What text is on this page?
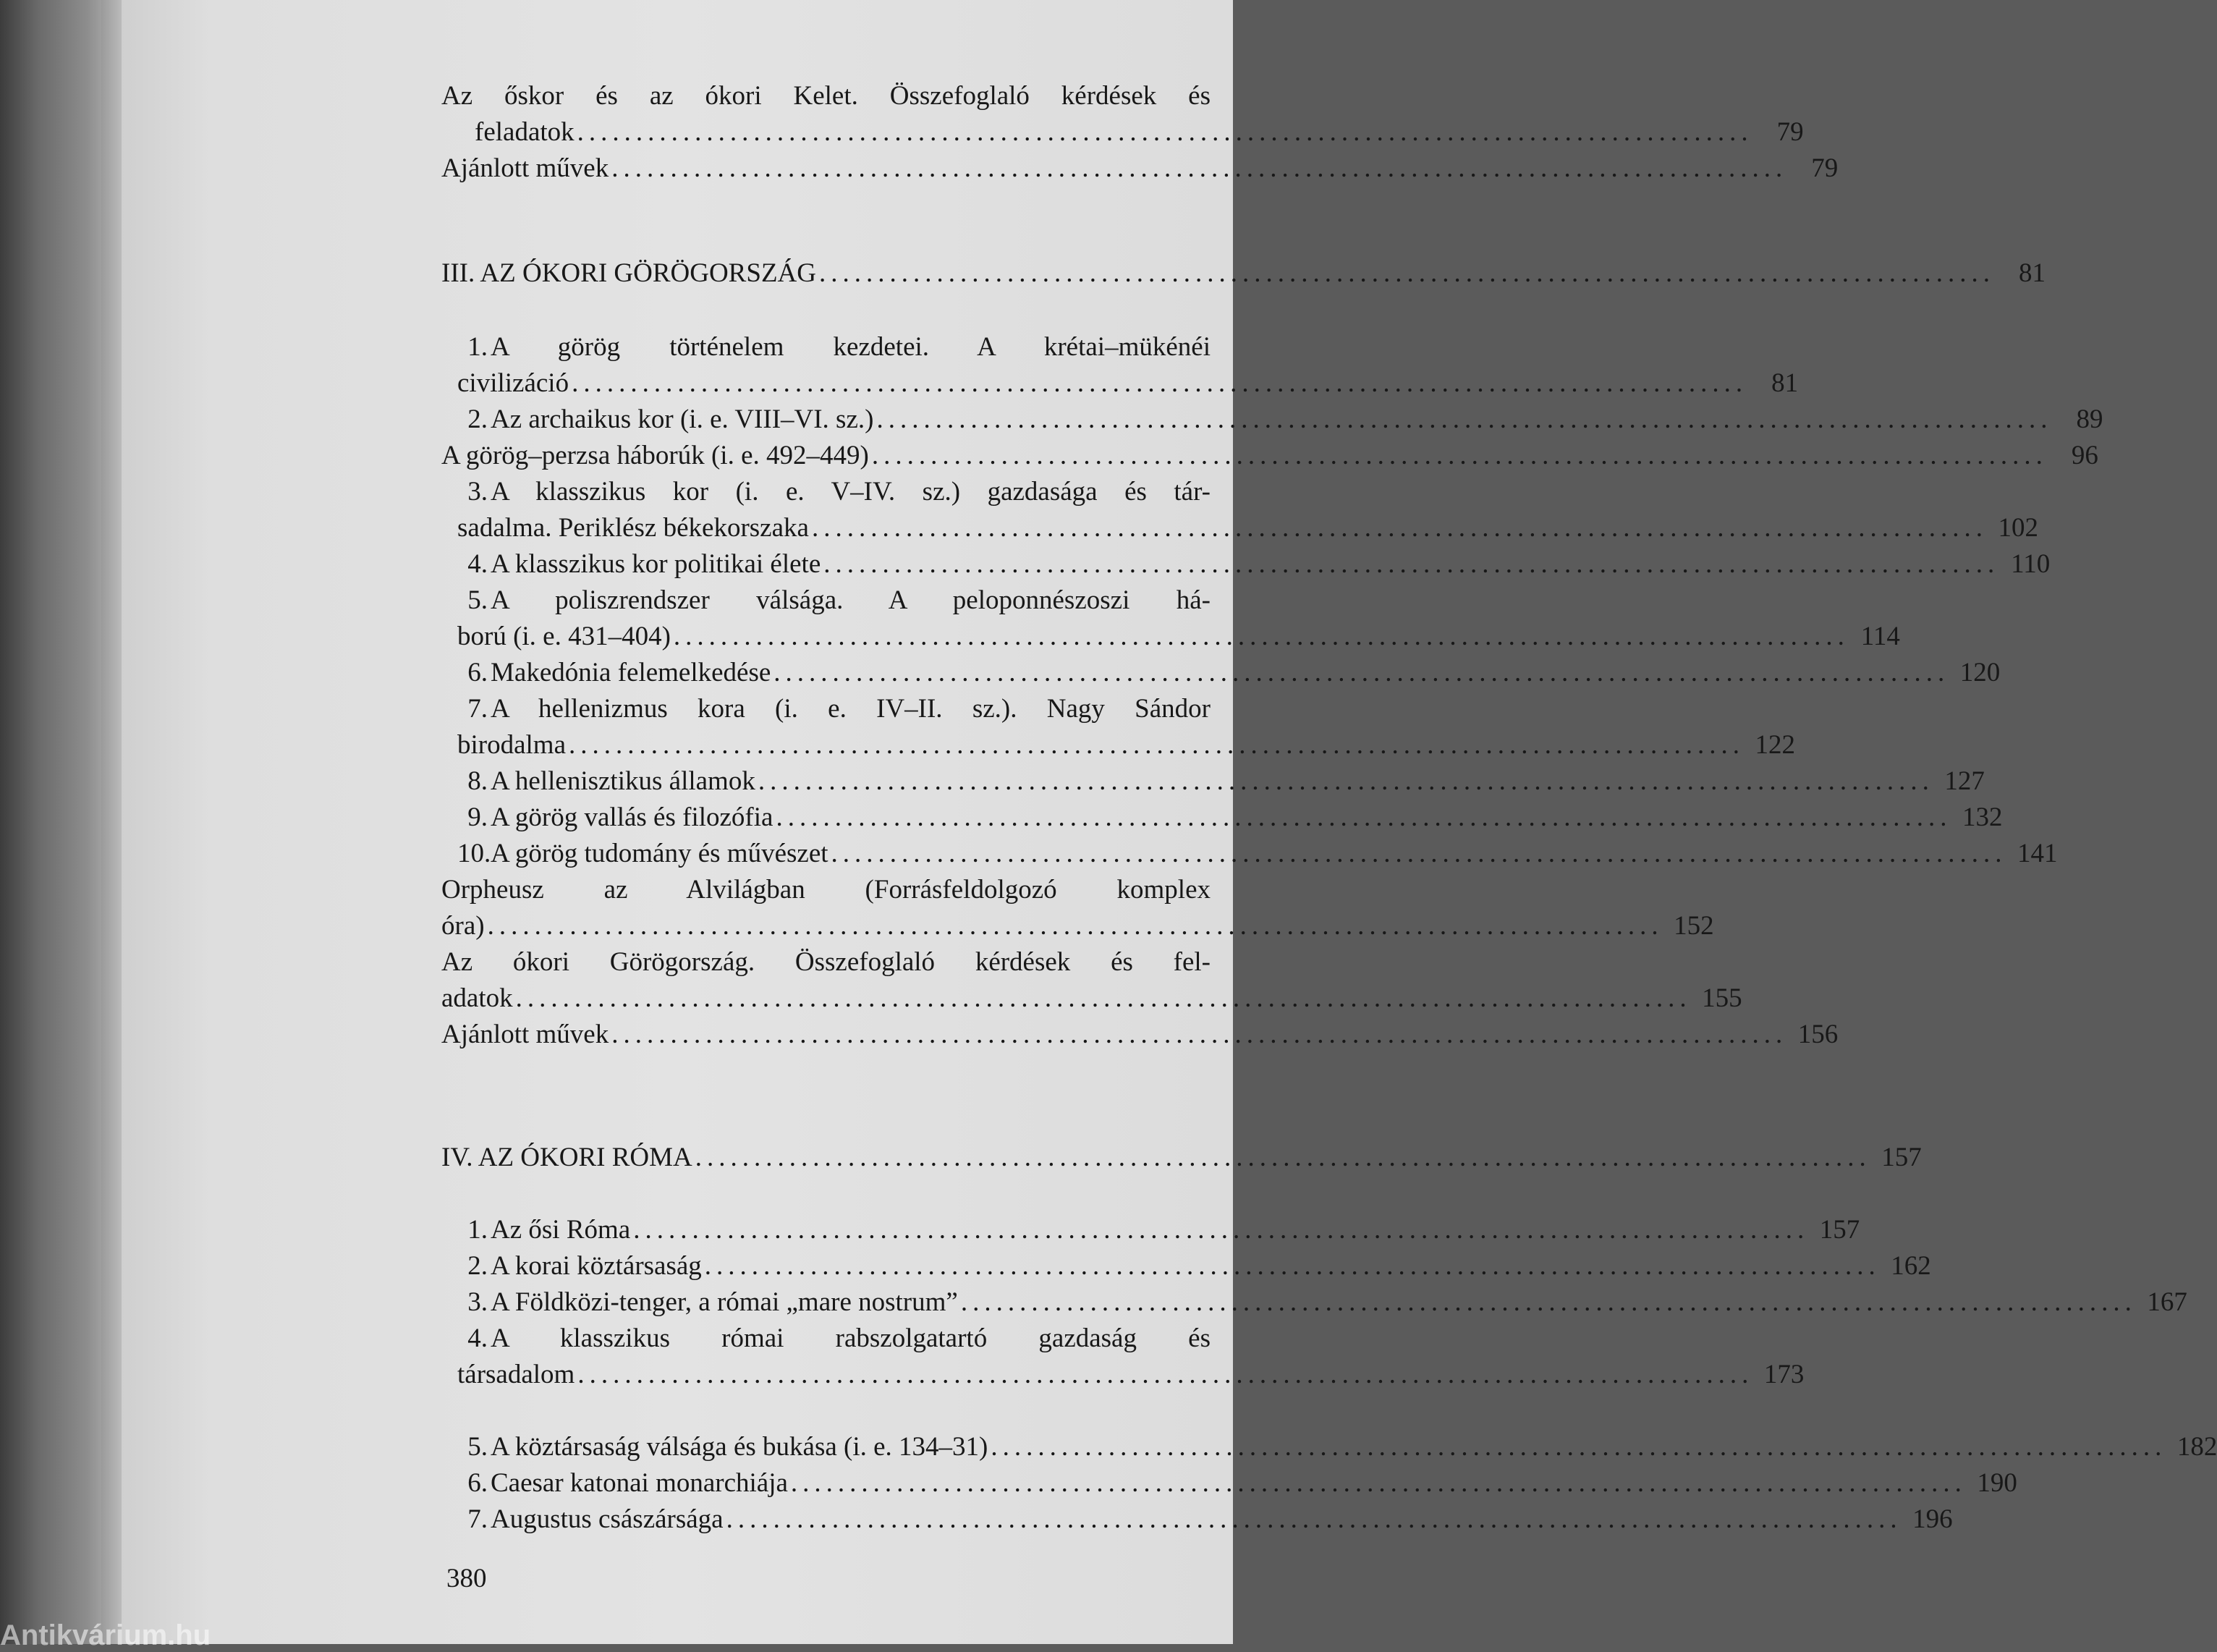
Az őskor és az ókori Kelet. Összefoglaló kérdések és
feladatok .................................................................................................... 79
Ajánlott művek .................................................................................................... 79
III. AZ ÓKORI GÖRÖGORSZÁG .................................................................................................... 81
1. A görög történelem kezdetei. A krétai–mükénéi
civilizáció .................................................................................................... 81
2. Az archaikus kor (i. e. VIII–VI. sz.) .................................................................................................... 89
A görög–perzsa háborúk (i. e. 492–449) .................................................................................................... 96
3. A klasszikus kor (i. e. V–IV. sz.) gazdasága és tár-
sadalma. Periklész békekorszaka .................................................................................................... 102
4. A klasszikus kor politikai élete .................................................................................................... 110
5. A poliszrendszer válsága. A peloponnészoszi há-
ború (i. e. 431–404) .................................................................................................... 114
6. Makedónia felemelkedése .................................................................................................... 120
7. A hellenizmus kora (i. e. IV–II. sz.). Nagy Sándor
birodalma .................................................................................................... 122
8. A hellenisztikus államok .................................................................................................... 127
9. A görög vallás és filozófia .................................................................................................... 132
10. A görög tudomány és művészet .................................................................................................... 141
Orpheusz az Alvilágban (Forrásfeldolgozó komplex
óra) .................................................................................................... 152
Az ókori Görögország. Összefoglaló kérdések és fel-
adatok .................................................................................................... 155
Ajánlott művek .................................................................................................... 156
IV. AZ ÓKORI RÓMA .................................................................................................... 157
1. Az ősi Róma .................................................................................................... 157
2. A korai köztársaság .................................................................................................... 162
3. A Földközi-tenger, a római „mare nostrum” .................................................................................................... 167
4. A klasszikus római rabszolgatartó gazdaság és
társadalom .................................................................................................... 173
5. A köztársaság válsága és bukása (i. e. 134–31) .................................................................................................... 182
6. Caesar katonai monarchiája .................................................................................................... 190
7. Augustus császársága .................................................................................................... 196
380
Antikvárium.hu
